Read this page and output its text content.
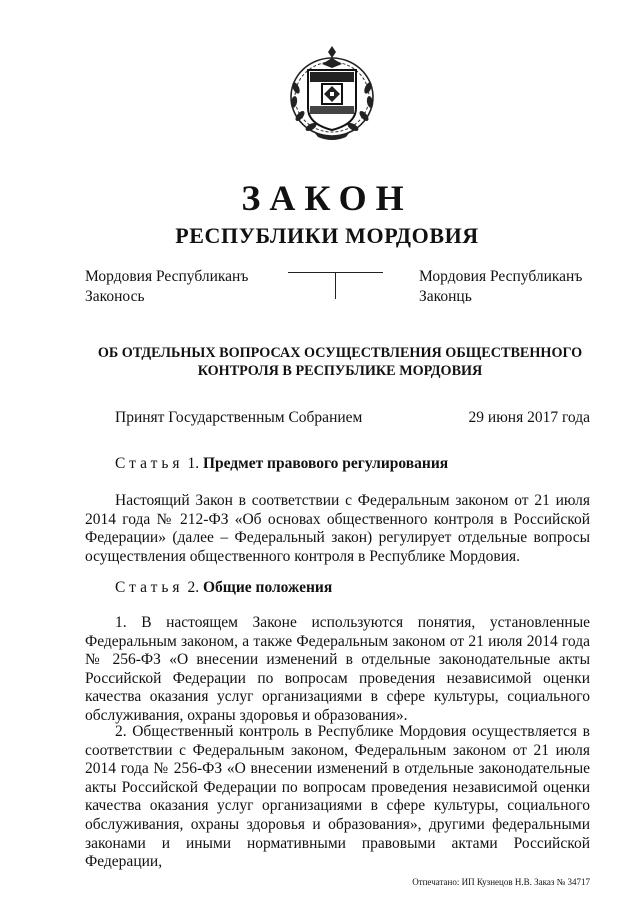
ЗАКОН
РЕСПУБЛИКИ МОРДОВИЯ
Мордовия Республиканъ
Законось
Мордовия Республиканъ
Законць
ОБ ОТДЕЛЬНЫХ ВОПРОСАХ ОСУЩЕСТВЛЕНИЯ ОБЩЕСТВЕННОГО
КОНТРОЛЯ В РЕСПУБЛИКЕ МОРДОВИЯ
Принят Государственным Собранием	29 июня 2017 года
Статья 1. Предмет правового регулирования

Настоящий Закон в соответствии с Федеральным законом от 21 июля 2014 года № 212-ФЗ «Об основах общественного контроля в Российской Федерации» (далее – Федеральный закон) регулирует отдельные вопросы осуществления общественного контроля в Республике Мордовия.

Статья 2. Общие положения

1. В настоящем Законе используются понятия, установленные Федеральным законом, а также Федеральным законом от 21 июля 2014 года № 256-ФЗ «О внесении изменений в отдельные законодательные акты Российской Федерации по вопросам проведения независимой оценки качества оказания услуг организациями в сфере культуры, социального обслуживания, охраны здоровья и образования».

2. Общественный контроль в Республике Мордовия осуществляется в соответствии с Федеральным законом, Федеральным законом от 21 июля 2014 года № 256-ФЗ «О внесении изменений в отдельные законодательные акты Российской Федерации по вопросам проведения независимой оценки качества оказания услуг организациями в сфере культуры, социального обслуживания, охраны здоровья и образования», другими федеральными законами и иными нормативными правовыми актами Российской Федерации,

Отпечатано: ИП Кузнецов Н.В. Заказ № 34717
